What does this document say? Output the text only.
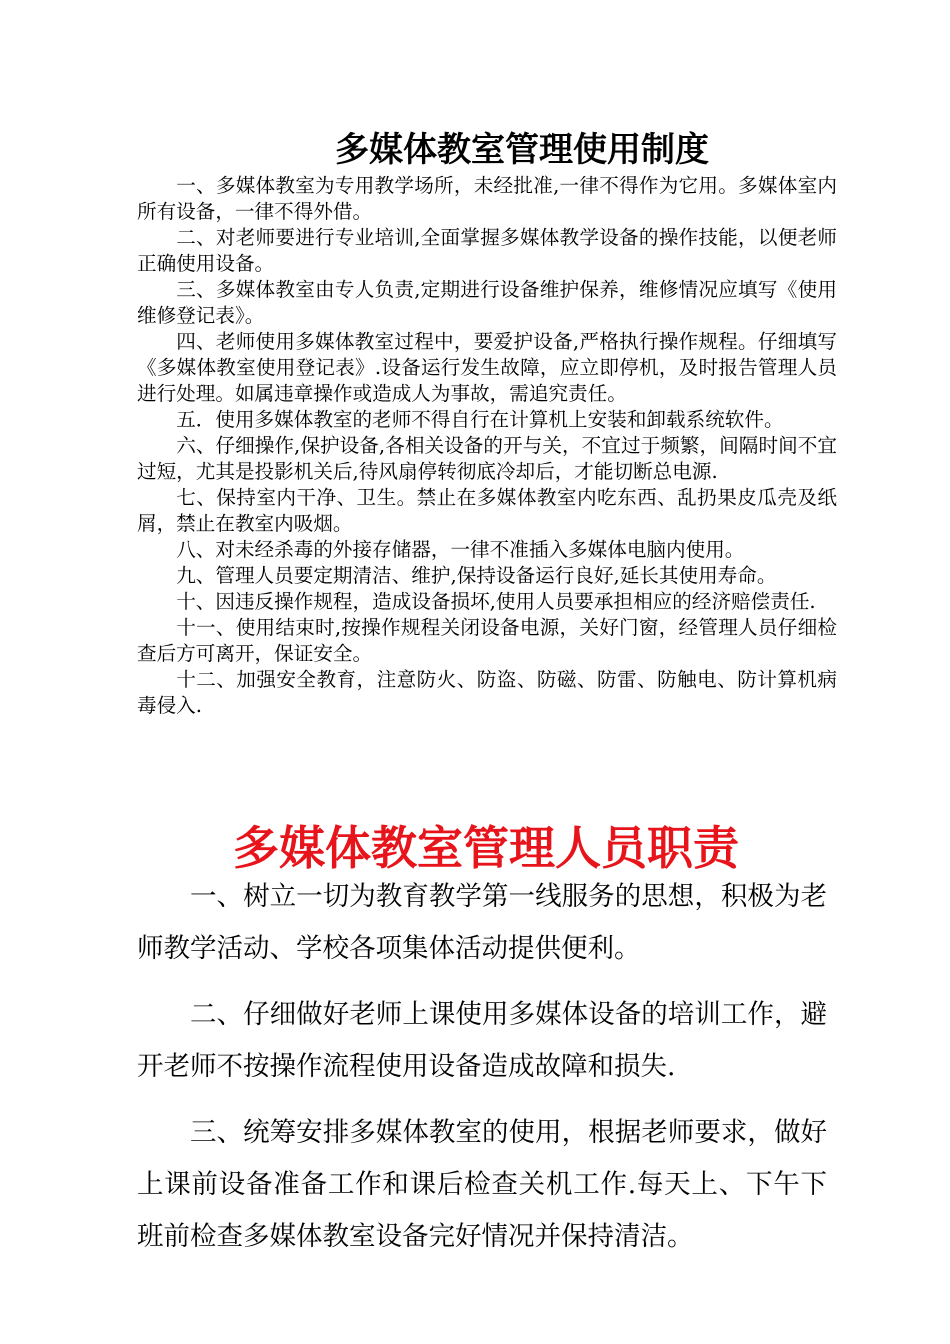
多媒体教室管理使用制度

一、多媒体教室为专用教学场所，未经批准,一律不得作为它用。多媒体室内所有设备，一律不得外借。

二、对老师要进行专业培训,全面掌握多媒体教学设备的操作技能，以便老师正确使用设备。

三、多媒体教室由专人负责,定期进行设备维护保养，维修情况应填写《使用维修登记表》。

四、老师使用多媒体教室过程中，要爱护设备,严格执行操作规程。仔细填写《多媒体教室使用登记表》.设备运行发生故障，应立即停机，及时报告管理人员进行处理。如属违章操作或造成人为事故，需追究责任。

五．使用多媒体教室的老师不得自行在计算机上安装和卸载系统软件。

六、仔细操作,保护设备,各相关设备的开与关，不宜过于频繁，间隔时间不宜过短，尤其是投影机关后,待风扇停转彻底冷却后，才能切断总电源.

七、保持室内干净、卫生。禁止在多媒体教室内吃东西、乱扔果皮瓜壳及纸屑，禁止在教室内吸烟。

八、对未经杀毒的外接存储器，一律不准插入多媒体电脑内使用。

九、管理人员要定期清洁、维护,保持设备运行良好,延长其使用寿命。

十、因违反操作规程，造成设备损坏,使用人员要承担相应的经济赔偿责任.

十一、使用结束时,按操作规程关闭设备电源，关好门窗，经管理人员仔细检查后方可离开，保证安全。

十二、加强安全教育，注意防火、防盗、防磁、防雷、防触电、防计算机病毒侵入.

多媒体教室管理人员职责

一、树立一切为教育教学第一线服务的思想，积极为老师教学活动、学校各项集体活动提供便利。

二、仔细做好老师上课使用多媒体设备的培训工作，避开老师不按操作流程使用设备造成故障和损失.

三、统筹安排多媒体教室的使用，根据老师要求，做好上课前设备准备工作和课后检查关机工作.每天上、下午下班前检查多媒体教室设备完好情况并保持清洁。
